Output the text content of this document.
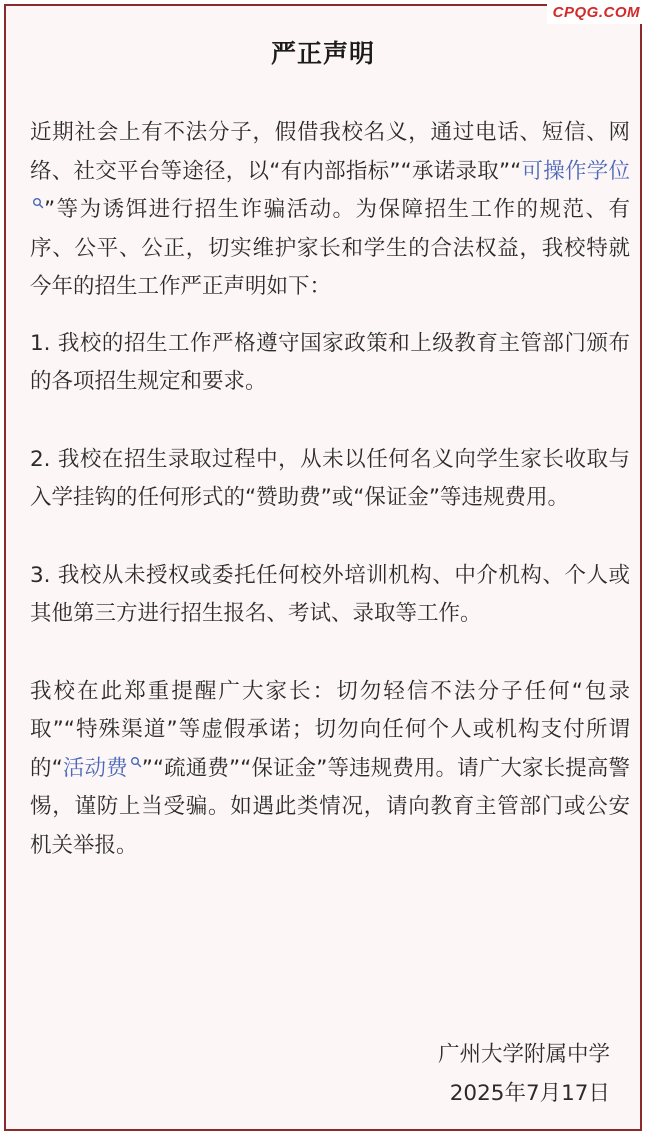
严正声明

近期社会上有不法分子，假借我校名义，通过电话、短信、网络、社交平台等途径，以“有内部指标”“承诺录取”“可操作学位
”等为诱饵进行招生诈骗活动。为保障招生工作的规范、有序、公平、公正，切实维护家长和学生的合法权益，我校特就今年的招生工作严正声明如下：

1. 我校的招生工作严格遵守国家政策和上级教育主管部门颁布的各项招生规定和要求。

2. 我校在招生录取过程中，从未以任何名义向学生家长收取与入学挂钩的任何形式的“赞助费”或“保证金”等违规费用。

3. 我校从未授权或委托任何校外培训机构、中介机构、个人或其他第三方进行招生报名、考试、录取等工作。

我校在此郑重提醒广大家长：切勿轻信不法分子任何“包录取”“特殊渠道”等虚假承诺；切勿向任何个人或机构支付所谓的“活动费 ”“疏通费”“保证金”等违规费用。请广大家长提高警惕，谨防上当受骗。如遇此类情况，请向教育主管部门或公安机关举报。

广州大学附属中学
2025年7月17日
CPQG.COM
